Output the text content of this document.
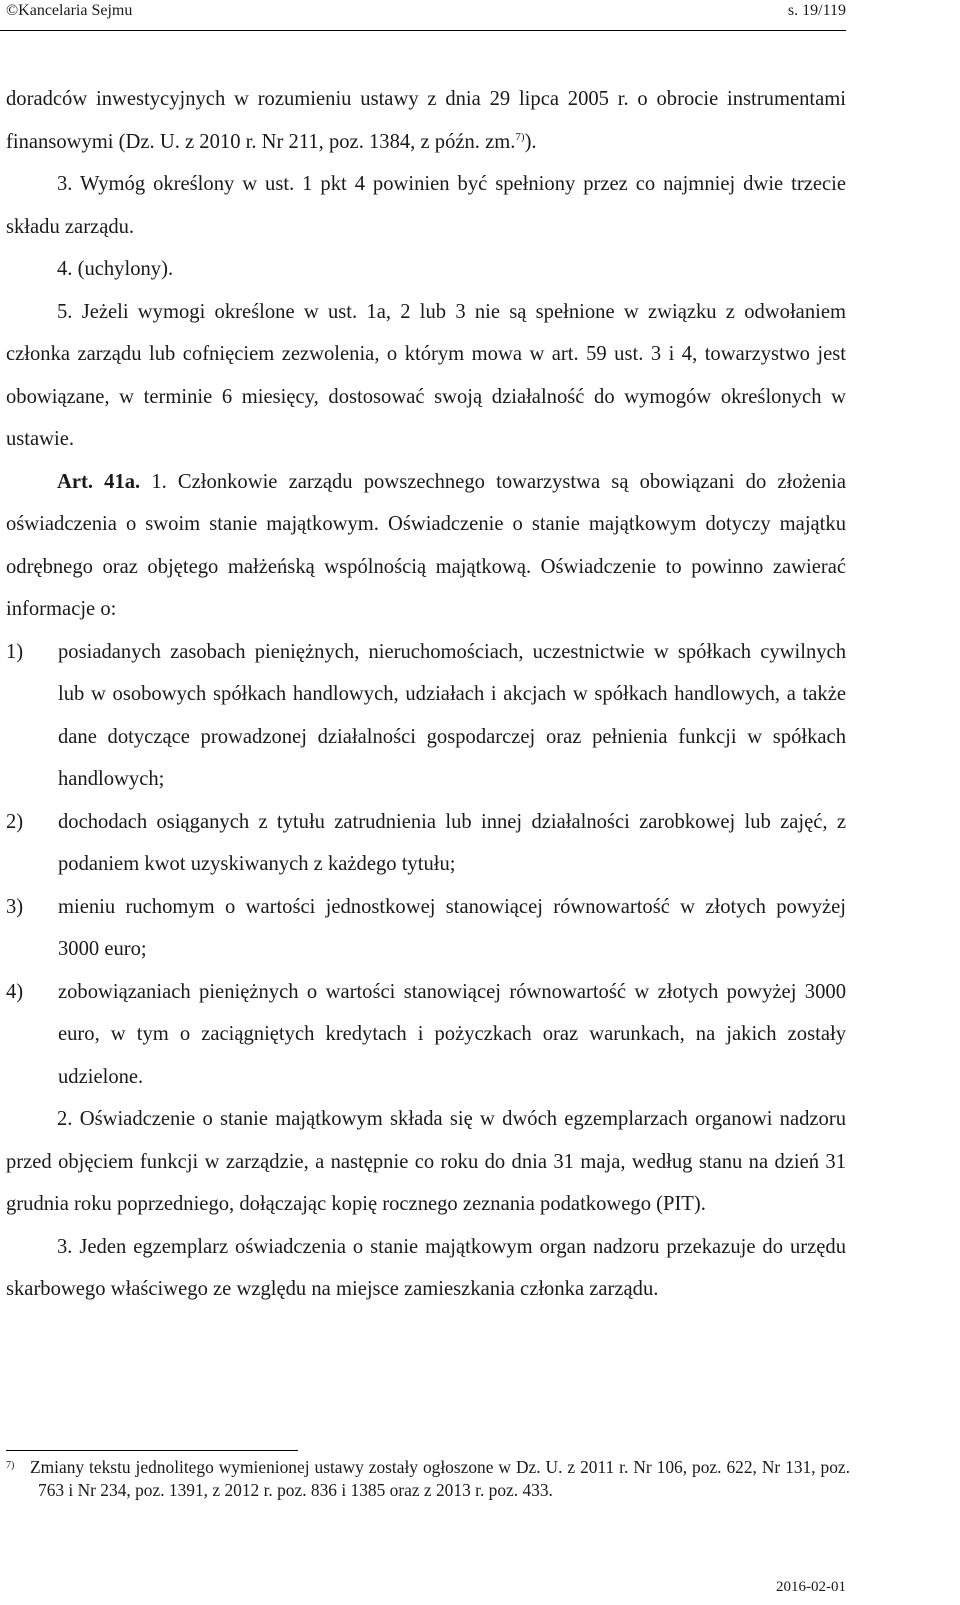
©Kancelaria Sejmu	s. 19/119

doradców inwestycyjnych w rozumieniu ustawy z dnia 29 lipca 2005 r. o obrocie instrumentami finansowymi (Dz. U. z 2010 r. Nr 211, poz. 1384, z późn. zm.$^{7)}$).

3. Wymóg określony w ust. 1 pkt 4 powinien być spełniony przez co najmniej dwie trzecie składu zarządu.

4. (uchylony).

5. Jeżeli wymogi określone w ust. 1a, 2 lub 3 nie są spełnione w związku z odwołaniem członka zarządu lub cofnięciem zezwolenia, o którym mowa w art. 59 ust. 3 i 4, towarzystwo jest obowiązane, w terminie 6 miesięcy, dostosować swoją działalność do wymogów określonych w ustawie.

Art. 41a. 1. Członkowie zarządu powszechnego towarzystwa są obowiązani do złożenia oświadczenia o swoim stanie majątkowym. Oświadczenie o stanie majątkowym dotyczy majątku odrębnego oraz objętego małżeńską wspólnością majątkową. Oświadczenie to powinno zawierać informacje o:

1) posiadanych zasobach pieniężnych, nieruchomościach, uczestnictwie w spółkach cywilnych lub w osobowych spółkach handlowych, udziałach i akcjach w spółkach handlowych, a także dane dotyczące prowadzonej działalności gospodarczej oraz pełnienia funkcji w spółkach handlowych;
2) dochodach osiąganych z tytułu zatrudnienia lub innej działalności zarobkowej lub zajęć, z podaniem kwot uzyskiwanych z każdego tytułu;
3) mieniu ruchomym o wartości jednostkowej stanowiącej równowartość w złotych powyżej 3000 euro;
4) zobowiązaniach pieniężnych o wartości stanowiącej równowartość w złotych powyżej 3000 euro, w tym o zaciągniętych kredytach i pożyczkach oraz warunkach, na jakich zostały udzielone.

2. Oświadczenie o stanie majątkowym składa się w dwóch egzemplarzach organowi nadzoru przed objęciem funkcji w zarządzie, a następnie co roku do dnia 31 maja, według stanu na dzień 31 grudnia roku poprzedniego, dołączając kopię rocznego zeznania podatkowego (PIT).

3. Jeden egzemplarz oświadczenia o stanie majątkowym organ nadzoru przekazuje do urzędu skarbowego właściwego ze względu na miejsce zamieszkania członka zarządu.

7) Zmiany tekstu jednolitego wymienionej ustawy zostały ogłoszone w Dz. U. z 2011 r. Nr 106, poz. 622, Nr 131, poz. 763 i Nr 234, poz. 1391, z 2012 r. poz. 836 i 1385 oraz z 2013 r. poz. 433.
2016-02-01
